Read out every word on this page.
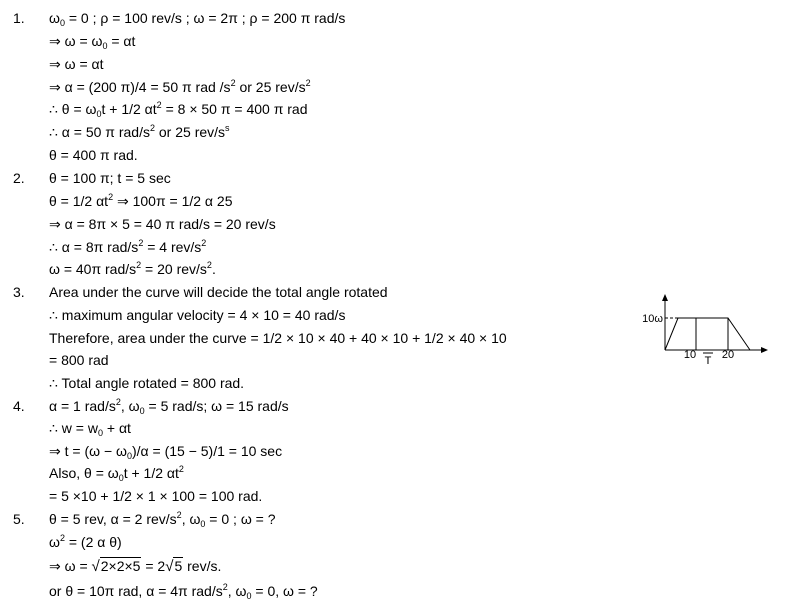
1.	$\omega_0 = 0$ ; ρ = 100 rev/s ; ω = 2π ; ρ = 200 π rad/s
⇒ $\omega = \omega_0 = \alpha t$
⇒ ω = αt
⇒ α = (200 π)/4 = 50 π rad $/s^2$ or 25 rev/$s^2$
∴ $\theta = \omega_0t + 1/2$ $\alpha t^2 = 8 \times 50$ π = 400 π rad
∴ α = 50 π rad/$s^2$ or 25 rev/$s^s$
θ = 400 π rad.
2.	θ = 100 π; t = 5 sec
θ = 1/2 $\alpha t^2$ ⇒ 100π = 1/2 α 25
⇒ α = 8π × 5 = 40 π rad/s = 20 rev/s
∴ α = 8π rad/$s^2 = 4$ rev/$s^2$
ω = 40π rad/$s^2 = 20$ rev/$s^2$.
3.	Area under the curve will decide the total angle rotated
∴ maximum angular velocity = 4 × 10 = 40 rad/s
Therefore, area under the curve = 1/2 × 10 × 40 + 40 × 10 + 1/2 × 40 × 10
= 800 rad
∴ Total angle rotated = 800 rad.
10ω
10 T 20
4.	α = 1 rad/$s^2$, $\omega_0 = 5$ rad/s; ω = 15 rad/s
∴ $w = w_0 + \alpha t$
⇒ $t = (\omega - \omega_0)/\alpha = (15 - 5)/1 = 10$ sec
Also, $\theta = \omega_0t + 1/2$ $\alpha t^2$
= 5 ×10 + 1/2 × 1 × 100 = 100 rad.
5.	θ = 5 rev, α = 2 rev/$s^2$, $\omega_0 = 0$ ; ω = ?
$\omega^2 = (2$ α θ)
⇒ ω = √2×2×5 = 2√5 rev/s.
or θ = 10π rad, α = 4π rad/$s^2$, $\omega_0 = 0$, ω = ?
